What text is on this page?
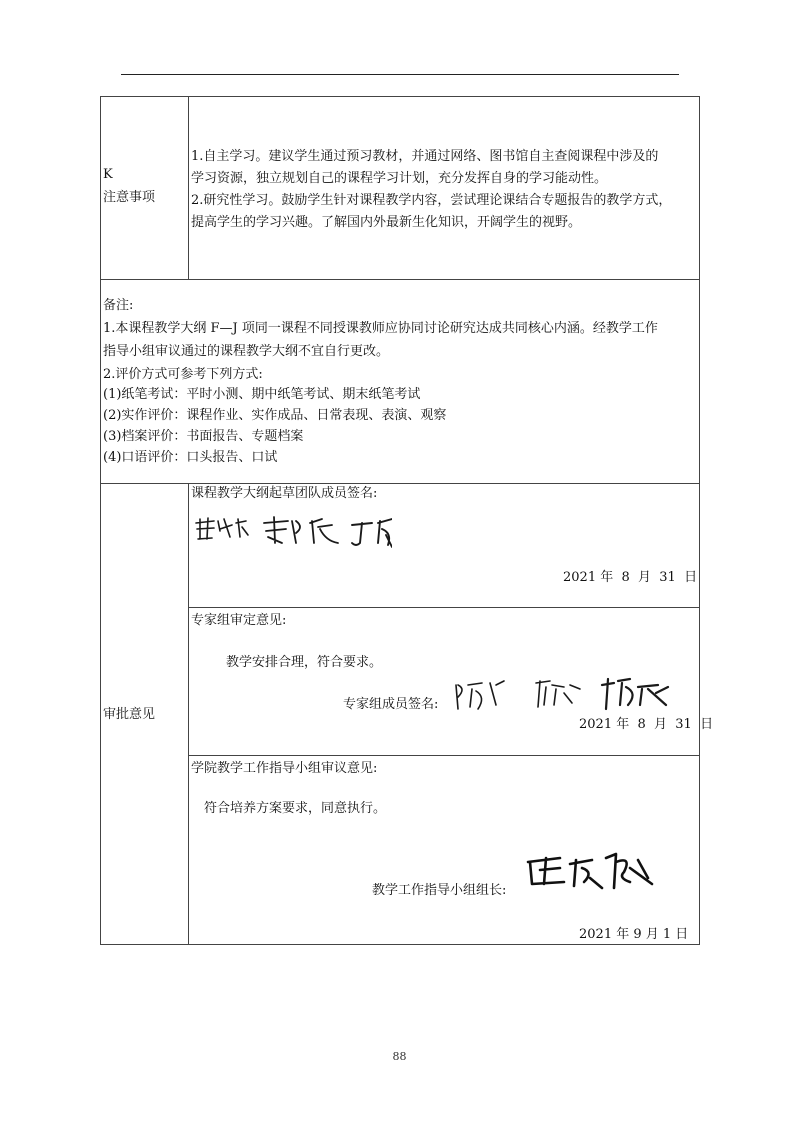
K
注意事项
1.自主学习。建议学生通过预习教材，并通过网络、图书馆自主查阅课程中涉及的
学习资源，独立规划自己的课程学习计划，充分发挥自身的学习能动性。
2.研究性学习。鼓励学生针对课程教学内容，尝试理论课结合专题报告的教学方式，
提高学生的学习兴趣。了解国内外最新生化知识，开阔学生的视野。
备注:
1.本课程教学大纲 F—J 项同一课程不同授课教师应协同讨论研究达成共同核心内涵。经教学工作
指导小组审议通过的课程教学大纲不宜自行更改。
2.评价方式可参考下列方式:
(1)纸笔考试：平时小测、期中纸笔考试、期末纸笔考试
(2)实作评价：课程作业、实作成品、日常表现、表演、观察
(3)档案评价：书面报告、专题档案
(4)口语评价：口头报告、口试
审批意见
课程教学大纲起草团队成员签名:
2021 年  8  月  31  日
专家组审定意见:
教学安排合理，符合要求。
专家组成员签名:
2021 年  8  月  31  日
学院教学工作指导小组审议意见:
符合培养方案要求，同意执行。
教学工作指导小组组长:
2021 年 9 月 1 日
88
